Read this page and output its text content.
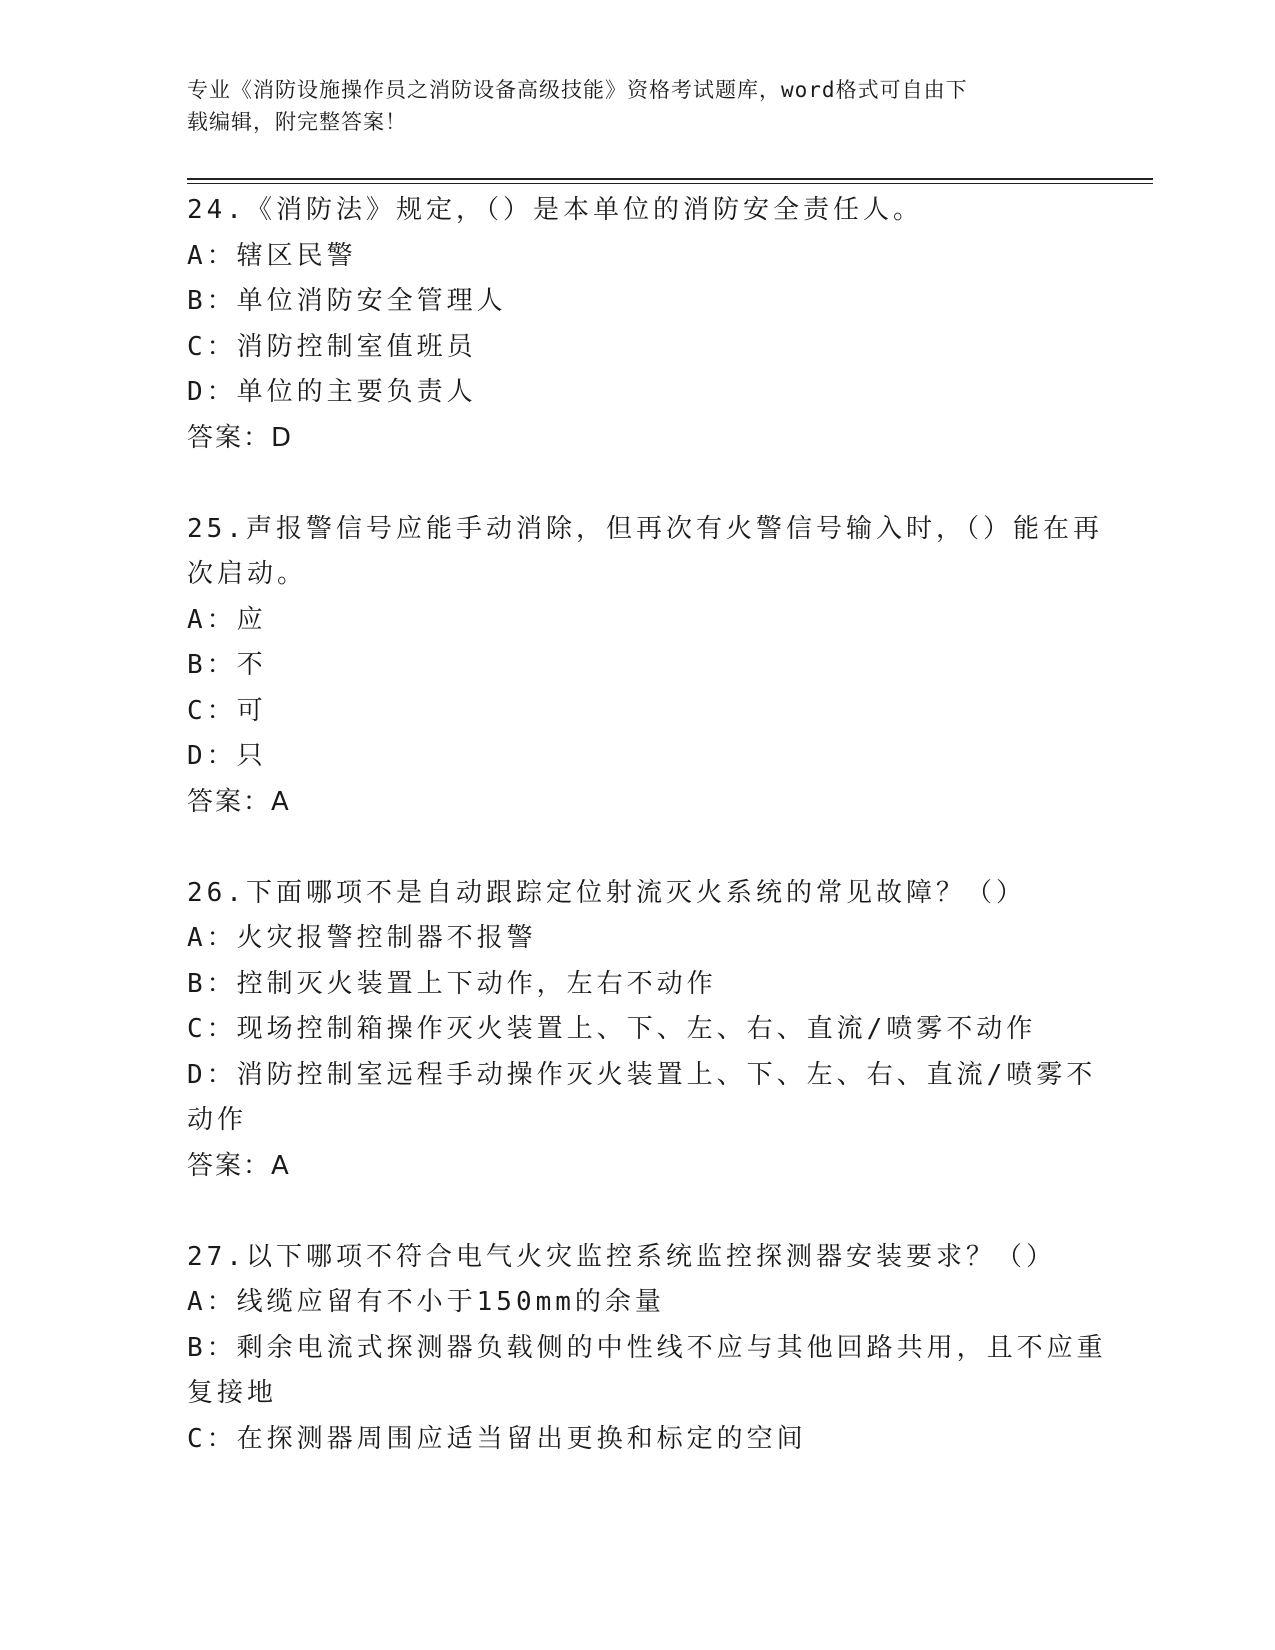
专业《消防设施操作员之消防设备高级技能》资格考试题库，word格式可自由下
载编辑，附完整答案！
24.《消防法》规定，（）是本单位的消防安全责任人。
A：辖区民警
B：单位消防安全管理人
C：消防控制室值班员
D：单位的主要负责人
答案：D
25.声报警信号应能手动消除，但再次有火警信号输入时，（）能在再
次启动。
A：应
B：不
C：可
D：只
答案：A
26.下面哪项不是自动跟踪定位射流灭火系统的常见故障？（）
A：火灾报警控制器不报警
B：控制灭火装置上下动作，左右不动作
C：现场控制箱操作灭火装置上、下、左、右、直流/喷雾不动作
D：消防控制室远程手动操作灭火装置上、下、左、右、直流/喷雾不
动作
答案：A
27.以下哪项不符合电气火灾监控系统监控探测器安装要求？（）
A：线缆应留有不小于150mm的余量
B：剩余电流式探测器负载侧的中性线不应与其他回路共用，且不应重
复接地
C：在探测器周围应适当留出更换和标定的空间
